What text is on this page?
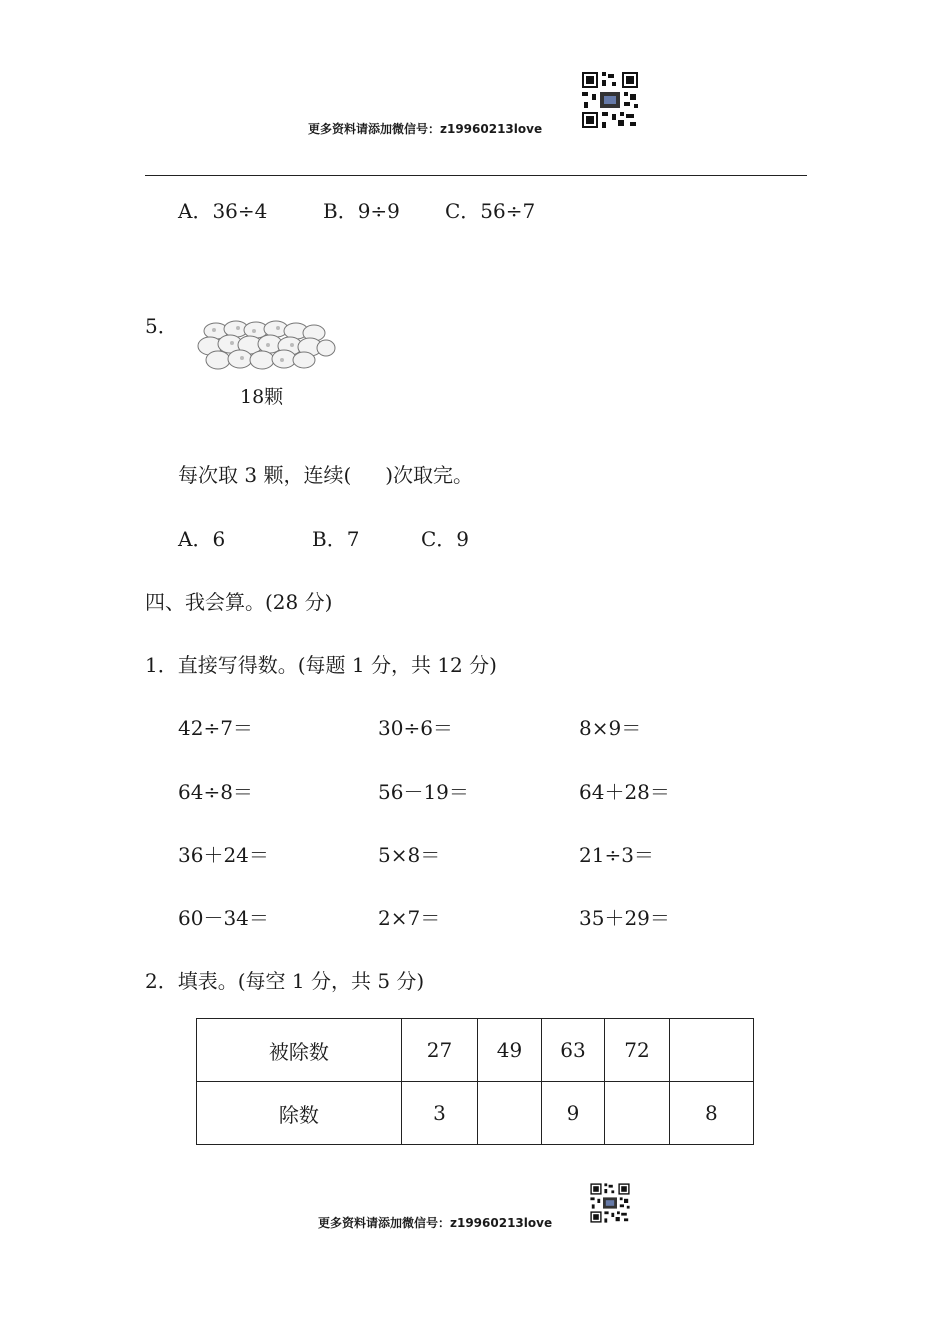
更多资料请添加微信号：z19960213love
A．36÷4	B．9÷9 C．56÷7
5．
18颗
每次取 3 颗，连续( )次取完。
A．6	B．7	C．9
四、我会算。(28 分)
1．直接写得数。(每题 1 分，共 12 分)
42÷7＝	30÷6＝	8×9＝
64÷8＝	56－19＝	64＋28＝
36＋24＝	5×8＝	21÷3＝
60－34＝	2×7＝	35＋29＝
2．填表。(每空 1 分，共 5 分)
被除数	27	49	63	72	
除数	3		9		8
更多资料请添加微信号：z19960213love
